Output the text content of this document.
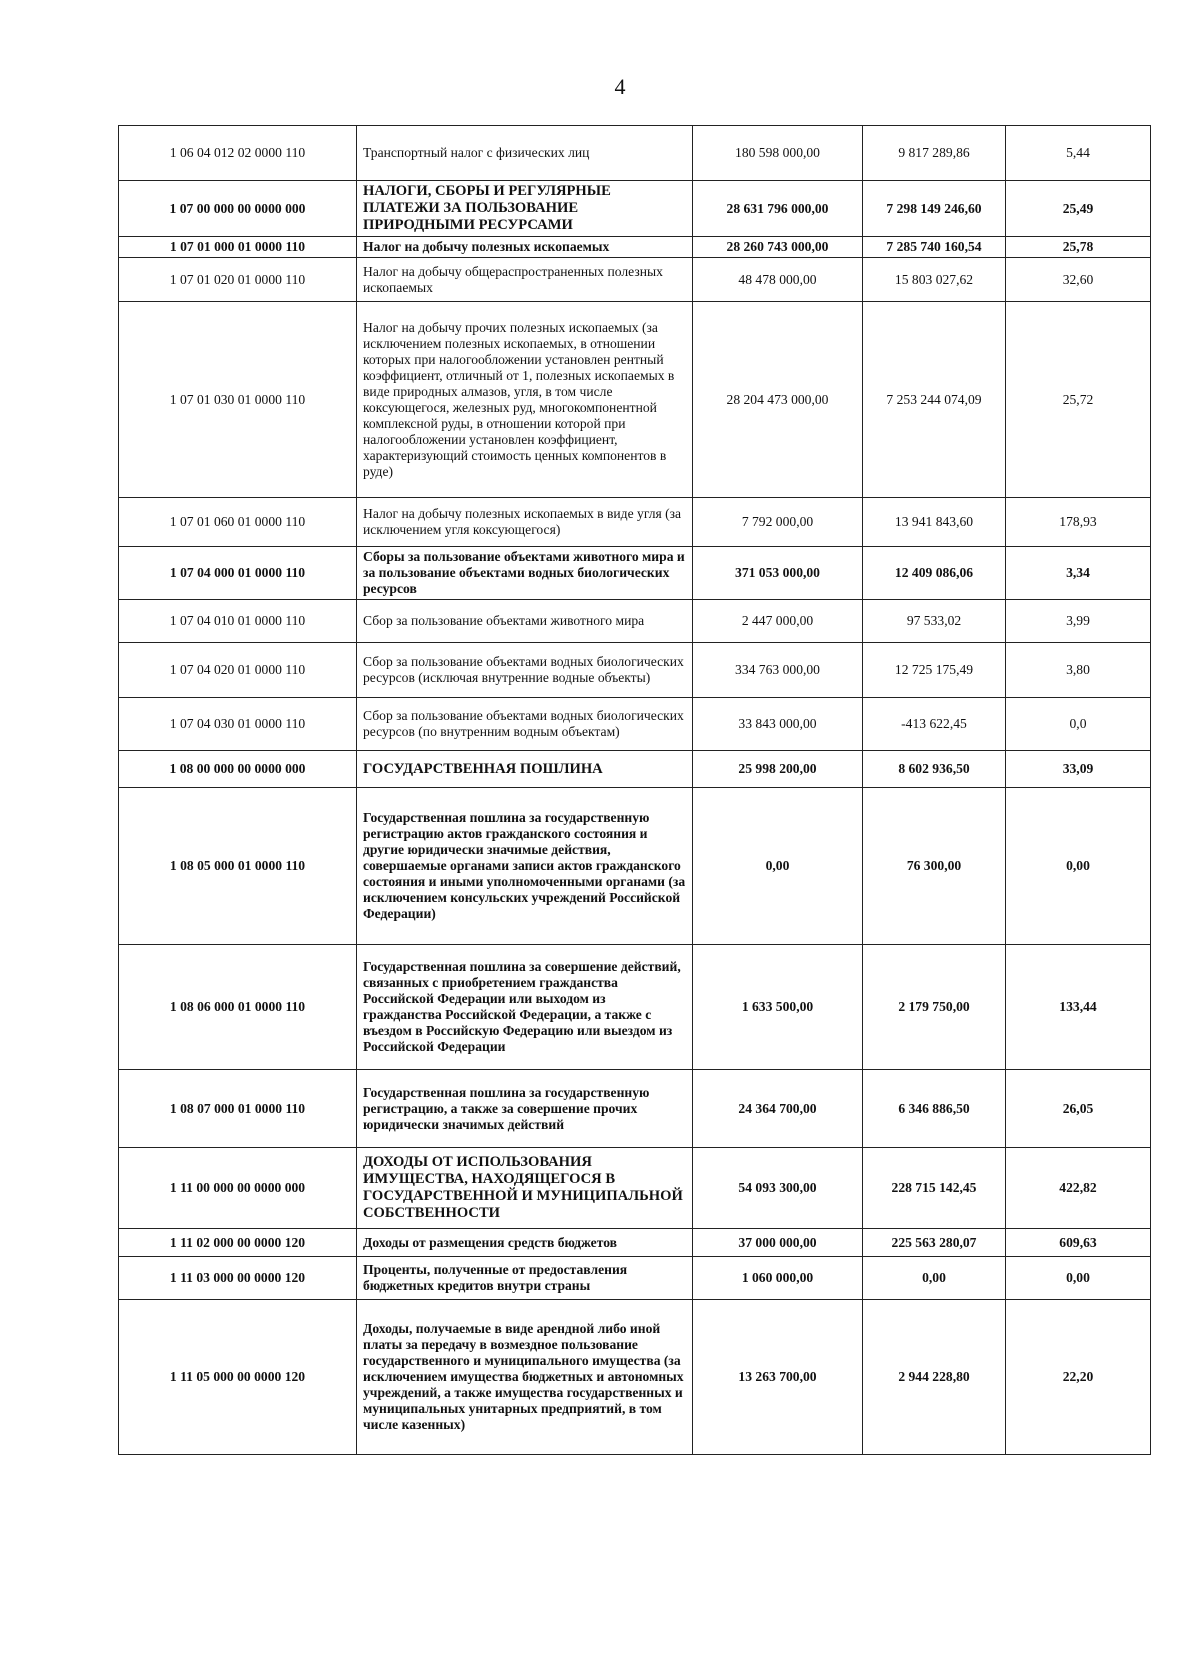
4
1 06 04 012 02 0000 110	Транспортный налог с физических лиц	180 598 000,00	9 817 289,86	5,44
1 07 00 000 00 0000 000	НАЛОГИ, СБОРЫ И РЕГУЛЯРНЫЕ ПЛАТЕЖИ ЗА ПОЛЬЗОВАНИЕ ПРИРОДНЫМИ РЕСУРСАМИ	28 631 796 000,00	7 298 149 246,60	25,49
1 07 01 000 01 0000 110	Налог на добычу полезных ископаемых	28 260 743 000,00	7 285 740 160,54	25,78
1 07 01 020 01 0000 110	Налог на добычу общераспространенных полезных ископаемых	48 478 000,00	15 803 027,62	32,60
1 07 01 030 01 0000 110	Налог на добычу прочих полезных ископаемых (за исключением полезных ископаемых, в отношении которых при налогообложении установлен рентный коэффициент, отличный от 1, полезных ископаемых в виде природных алмазов, угля, в том числе коксующегося, железных руд, многокомпонентной комплексной руды, в отношении которой при налогообложении установлен коэффициент, характеризующий стоимость ценных компонентов в руде)	28 204 473 000,00	7 253 244 074,09	25,72
1 07 01 060 01 0000 110	Налог на добычу полезных ископаемых в виде угля (за исключением угля коксующегося)	7 792 000,00	13 941 843,60	178,93
1 07 04 000 01 0000 110	Сборы за пользование объектами животного мира и за пользование объектами водных биологических ресурсов	371 053 000,00	12 409 086,06	3,34
1 07 04 010 01 0000 110	Сбор за пользование объектами животного мира	2 447 000,00	97 533,02	3,99
1 07 04 020 01 0000 110	Сбор за пользование объектами водных биологических ресурсов (исключая внутренние водные объекты)	334 763 000,00	12 725 175,49	3,80
1 07 04 030 01 0000 110	Сбор за пользование объектами водных биологических ресурсов (по внутренним водным объектам)	33 843 000,00	-413 622,45	0,0
1 08 00 000 00 0000 000	ГОСУДАРСТВЕННАЯ ПОШЛИНА	25 998 200,00	8 602 936,50	33,09
1 08 05 000 01 0000 110	Государственная пошлина за государственную регистрацию актов гражданского состояния и другие юридически значимые действия, совершаемые органами записи актов гражданского состояния и иными уполномоченными органами (за исключением консульских учреждений Российской Федерации)	0,00	76 300,00	0,00
1 08 06 000 01 0000 110	Государственная пошлина за совершение действий, связанных с приобретением гражданства Российской Федерации или выходом из гражданства Российской Федерации, а также с въездом в Российскую Федерацию или выездом из Российской Федерации	1 633 500,00	2 179 750,00	133,44
1 08 07 000 01 0000 110	Государственная пошлина за государственную регистрацию, а также за совершение прочих юридически значимых действий	24 364 700,00	6 346 886,50	26,05
1 11 00 000 00 0000 000	ДОХОДЫ ОТ ИСПОЛЬЗОВАНИЯ ИМУЩЕСТВА, НАХОДЯЩЕГОСЯ В ГОСУДАРСТВЕННОЙ И МУНИЦИПАЛЬНОЙ СОБСТВЕННОСТИ	54 093 300,00	228 715 142,45	422,82
1 11 02 000 00 0000 120	Доходы от размещения средств бюджетов	37 000 000,00	225 563 280,07	609,63
1 11 03 000 00 0000 120	Проценты, полученные от предоставления бюджетных кредитов внутри страны	1 060 000,00	0,00	0,00
1 11 05 000 00 0000 120	Доходы, получаемые в виде арендной либо иной платы за передачу в возмездное пользование государственного и муниципального имущества (за исключением имущества бюджетных и автономных учреждений, а также имущества государственных и муниципальных унитарных предприятий, в том числе казенных)	13 263 700,00	2 944 228,80	22,20
